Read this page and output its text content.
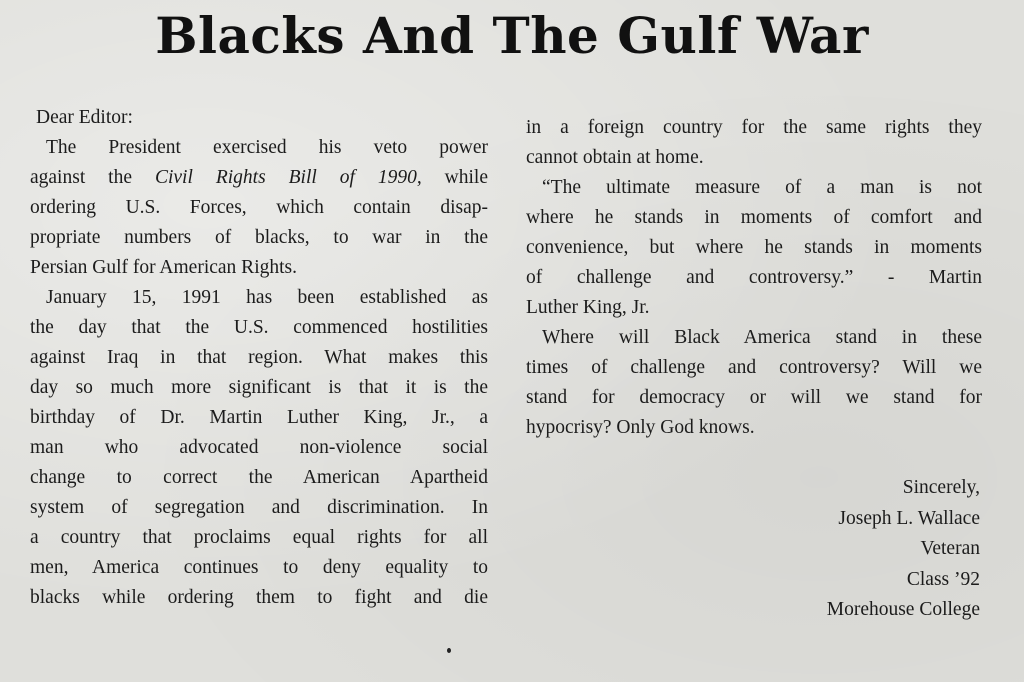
Blacks And The Gulf War
Dear Editor:
The President exercised his veto power
against the Civil Rights Bill of 1990, while
ordering U.S. Forces, which contain disap-
propriate numbers of blacks, to war in the
Persian Gulf for American Rights.
January 15, 1991 has been established as
the day that the U.S. commenced hostilities
against Iraq in that region. What makes this
day so much more significant is that it is the
birthday of Dr. Martin Luther King, Jr., a
man who advocated non-violence social
change to correct the American Apartheid
system of segregation and discrimination. In
a country that proclaims equal rights for all
men, America continues to deny equality to
blacks while ordering them to fight and die
in a foreign country for the same rights they
cannot obtain at home.
“The ultimate measure of a man is not
where he stands in moments of comfort and
convenience, but where he stands in moments
of challenge and controversy.” - Martin
Luther King, Jr.
Where will Black America stand in these
times of challenge and controversy? Will we
stand for democracy or will we stand for
hypocrisy? Only God knows.
Sincerely,
Joseph L. Wallace
Veteran
Class ’92
Morehouse College
